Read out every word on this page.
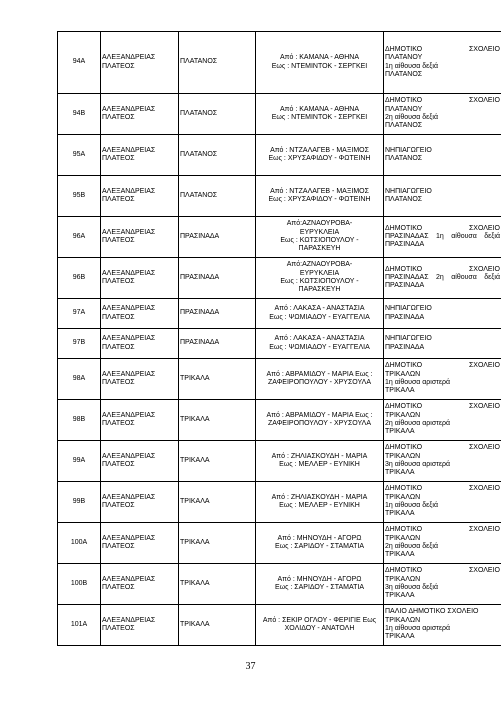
94Α	ΑΛΕΞΑΝΔΡΕΙΑΣ
ΠΛΑΤΕΟΣ	ΠΛΑΤΑΝΟΣ	Από : ΚΑΜΑΝΑ - ΑΘΗΝΑ
Εως : ΝΤΕΜΙΝΤΟΚ - ΣΕΡΓΚΕΙ	ΔΗΜΟΤΙΚΟ ΣΧΟΛΕΙΟ
ΠΛΑΤΑΝΟΥ
1η αίθουσα δεξιά
ΠΛΑΤΑΝΟΣ

94Β	ΑΛΕΞΑΝΔΡΕΙΑΣ
ΠΛΑΤΕΟΣ	ΠΛΑΤΑΝΟΣ	Από : ΚΑΜΑΝΑ - ΑΘΗΝΑ
Εως : ΝΤΕΜΙΝΤΟΚ - ΣΕΡΓΚΕΙ	ΔΗΜΟΤΙΚΟ ΣΧΟΛΕΙΟ
ΠΛΑΤΑΝΟΥ
2η αίθουσα δεξιά
ΠΛΑΤΑΝΟΣ

95Α	ΑΛΕΞΑΝΔΡΕΙΑΣ
ΠΛΑΤΕΟΣ	ΠΛΑΤΑΝΟΣ	Από : ΝΤΖΑΛΑΓΕΒ - ΜΑΞΙΜΟΣ
Εως : ΧΡΥΣΑΦΙΔΟΥ - ΦΩΤΕΙΝΗ	ΝΗΠΙΑΓΩΓΕΙΟ
ΠΛΑΤΑΝΟΣ

95Β	ΑΛΕΞΑΝΔΡΕΙΑΣ
ΠΛΑΤΕΟΣ	ΠΛΑΤΑΝΟΣ	Από : ΝΤΖΑΛΑΓΕΒ - ΜΑΞΙΜΟΣ
Εως : ΧΡΥΣΑΦΙΔΟΥ - ΦΩΤΕΙΝΗ	ΝΗΠΙΑΓΩΓΕΙΟ
ΠΛΑΤΑΝΟΣ

96Α	ΑΛΕΞΑΝΔΡΕΙΑΣ
ΠΛΑΤΕΟΣ	ΠΡΑΣΙΝΑΔΑ	Από:ΑΖΝΑΟΥΡΟΒΑ-
ΕΥΡΥΚΛΕΙΑ
Εως : ΚΩΤΣΙΟΠΟΥΛΟΥ -
ΠΑΡΑΣΚΕΥΗ	ΔΗΜΟΤΙΚΟ ΣΧΟΛΕΙΟ
ΠΡΑΣΙΝΑΔΑΣ 1η αίθουσα δεξιά
ΠΡΑΣΙΝΑΔΑ

96Β	ΑΛΕΞΑΝΔΡΕΙΑΣ
ΠΛΑΤΕΟΣ	ΠΡΑΣΙΝΑΔΑ	Από:ΑΖΝΑΟΥΡΟΒΑ-
ΕΥΡΥΚΛΕΙΑ
Εως : ΚΩΤΣΙΟΠΟΥΛΟΥ -
ΠΑΡΑΣΚΕΥΗ	ΔΗΜΟΤΙΚΟ ΣΧΟΛΕΙΟ
ΠΡΑΣΙΝΑΔΑΣ 2η αίθουσα δεξιά
ΠΡΑΣΙΝΑΔΑ

97Α	ΑΛΕΞΑΝΔΡΕΙΑΣ
ΠΛΑΤΕΟΣ	ΠΡΑΣΙΝΑΔΑ	Από : ΛΑΚΑΣΑ - ΑΝΑΣΤΑΣΙΑ
Εως : ΨΩΜΙΑΔΟΥ - ΕΥΑΓΓΕΛΙΑ	ΝΗΠΙΑΓΩΓΕΙΟ
ΠΡΑΣΙΝΑΔΑ

97Β	ΑΛΕΞΑΝΔΡΕΙΑΣ
ΠΛΑΤΕΟΣ	ΠΡΑΣΙΝΑΔΑ	Από : ΛΑΚΑΣΑ - ΑΝΑΣΤΑΣΙΑ
Εως : ΨΩΜΙΑΔΟΥ - ΕΥΑΓΓΕΛΙΑ	ΝΗΠΙΑΓΩΓΕΙΟ
ΠΡΑΣΙΝΑΔΑ

98Α	ΑΛΕΞΑΝΔΡΕΙΑΣ
ΠΛΑΤΕΟΣ	ΤΡΙΚΑΛΑ	Από : ΑΒΡΑΜΙΔΟΥ - ΜΑΡΙΑ Εως :
ΖΑΦΕΙΡΟΠΟΥΛΟΥ - ΧΡΥΣΟΥΛΑ	ΔΗΜΟΤΙΚΟ ΣΧΟΛΕΙΟ
ΤΡΙΚΑΛΩΝ
1η αίθουσα αριστερά
ΤΡΙΚΑΛΑ

98Β	ΑΛΕΞΑΝΔΡΕΙΑΣ
ΠΛΑΤΕΟΣ	ΤΡΙΚΑΛΑ	Από : ΑΒΡΑΜΙΔΟΥ - ΜΑΡΙΑ Εως :
ΖΑΦΕΙΡΟΠΟΥΛΟΥ - ΧΡΥΣΟΥΛΑ	ΔΗΜΟΤΙΚΟ ΣΧΟΛΕΙΟ
ΤΡΙΚΑΛΩΝ
2η αίθουσα αριστερά
ΤΡΙΚΑΛΑ

99Α	ΑΛΕΞΑΝΔΡΕΙΑΣ
ΠΛΑΤΕΟΣ	ΤΡΙΚΑΛΑ	Από : ΖΗΛΙΑΣΚΟΥΔΗ - ΜΑΡΙΑ
Εως : ΜΕΛΛΕΡ - ΕΥΝΙΚΗ	ΔΗΜΟΤΙΚΟ ΣΧΟΛΕΙΟ
ΤΡΙΚΑΛΩΝ
3η αίθουσα αριστερά
ΤΡΙΚΑΛΑ

99Β	ΑΛΕΞΑΝΔΡΕΙΑΣ
ΠΛΑΤΕΟΣ	ΤΡΙΚΑΛΑ	Από : ΖΗΛΙΑΣΚΟΥΔΗ - ΜΑΡΙΑ
Εως : ΜΕΛΛΕΡ - ΕΥΝΙΚΗ	ΔΗΜΟΤΙΚΟ ΣΧΟΛΕΙΟ
ΤΡΙΚΑΛΩΝ
1η αίθουσα δεξιά
ΤΡΙΚΑΛΑ

100Α	ΑΛΕΞΑΝΔΡΕΙΑΣ
ΠΛΑΤΕΟΣ	ΤΡΙΚΑΛΑ	Από : ΜΗΝΟΥΔΗ - ΑΓΟΡΩ
Εως : ΣΑΡΙΔΟΥ - ΣΤΑΜΑΤΙΑ	ΔΗΜΟΤΙΚΟ ΣΧΟΛΕΙΟ
ΤΡΙΚΑΛΩΝ
2η αίθουσα δεξιά
ΤΡΙΚΑΛΑ

100Β	ΑΛΕΞΑΝΔΡΕΙΑΣ
ΠΛΑΤΕΟΣ	ΤΡΙΚΑΛΑ	Από : ΜΗΝΟΥΔΗ - ΑΓΟΡΩ
Εως : ΣΑΡΙΔΟΥ - ΣΤΑΜΑΤΙΑ	ΔΗΜΟΤΙΚΟ ΣΧΟΛΕΙΟ
ΤΡΙΚΑΛΩΝ
3η αίθουσα δεξιά
ΤΡΙΚΑΛΑ

101Α	ΑΛΕΞΑΝΔΡΕΙΑΣ
ΠΛΑΤΕΟΣ	ΤΡΙΚΑΛΑ	Από : ΣΕΚΙΡ ΟΓΛΟΥ - ΦΕΡΙΓΙΕ Εως
ΧΟΛΙΔΟΥ - ΑΝΑΤΟΛΗ	ΠΑΛΙΟ ΔΗΜΟΤΙΚΟ ΣΧΟΛΕΙΟ
ΤΡΙΚΑΛΩΝ
1η αίθουσα αριστερά
ΤΡΙΚΑΛΑ
37
